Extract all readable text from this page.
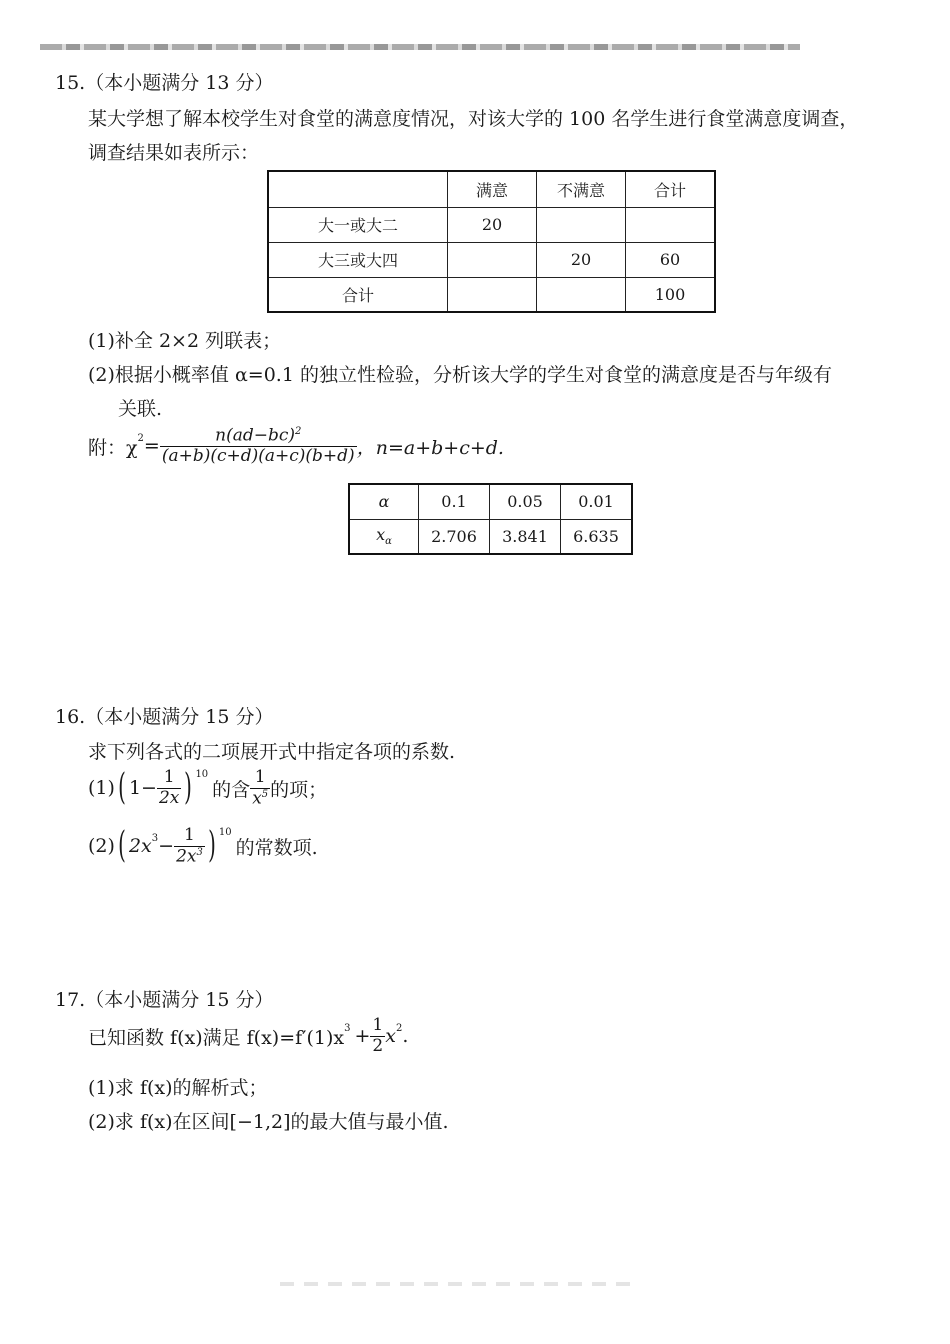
15.（本小题满分 13 分）
某大学想了解本校学生对食堂的满意度情况，对该大学的 100 名学生进行食堂满意度调查，
调查结果如表所示：
	满意	不满意	合计
大一或大二	20		
大三或大四		20	60
合计			100
(1)补全 2×2 列联表；
(2)根据小概率值 α=0.1 的独立性检验，分析该大学的学生对食堂的满意度是否与年级有
关联.
附：$\chi^2 = \frac{n(ad-bc)^2}{(a+b)(c+d)(a+c)(b+d)}$ ，n=a+b+c+d.
α	0.1	0.05	0.01
$x_\alpha$	2.706	3.841	6.635
16.（本小题满分 15 分）
求下列各式的二项展开式中指定各项的系数.
(1) ( $1- \frac{1}{2x}$ ) $^{10}$
的含 $\frac{1}{x^5}$ 的项；
(2) ( $2x^3 - \frac{1}{2x^3}$ ) $^{10}$
的常数项.
17.（本小题满分 15 分）
已知函数 f(x)满足 $f(x)=f'(1)x^3 + \frac{1}{2} x^2$ .
(1)求 f(x)的解析式；
(2)求 f(x)在区间[−1,2]的最大值与最小值.
